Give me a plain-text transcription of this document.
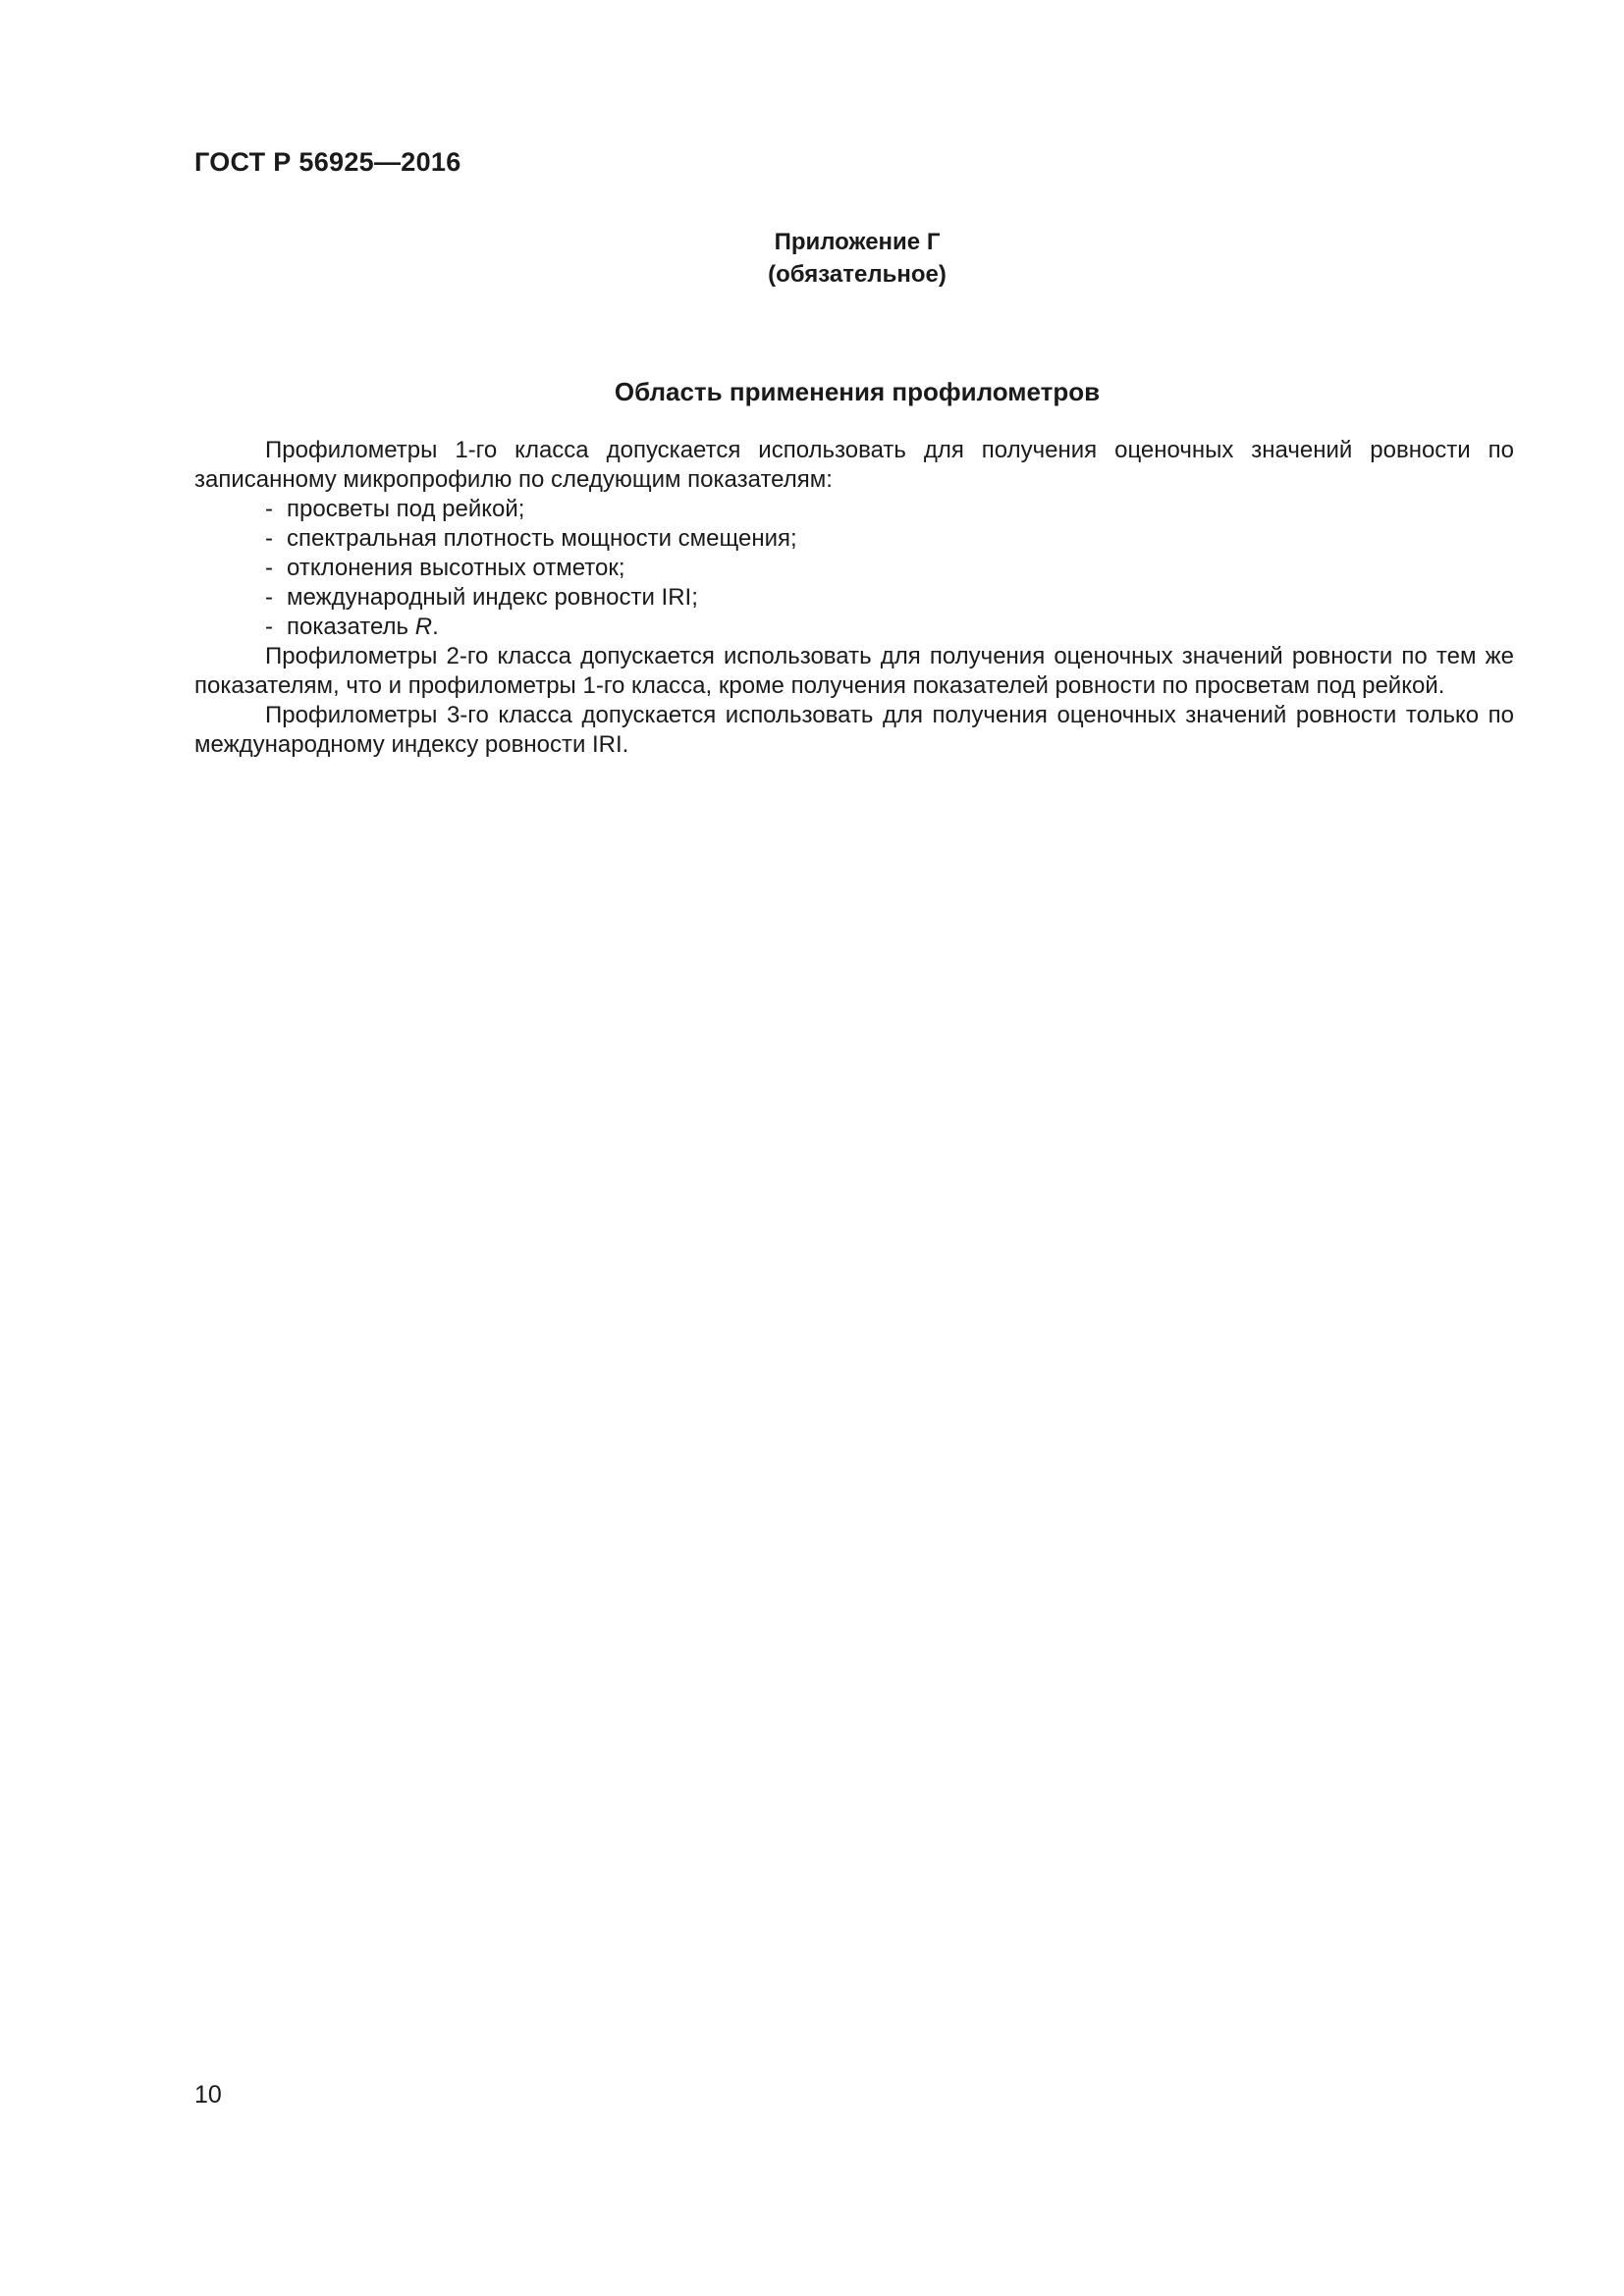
ГОСТ Р 56925—2016
Приложение Г
(обязательное)
Область применения профилометров

Профилометры 1-го класса допускается использовать для получения оценочных значений ровности по записанному микропрофилю по следующим показателям:

- просветы под рейкой;
- спектральная плотность мощности смещения;
- отклонения высотных отметок;
- международный индекс ровности IRI;
- показатель R.

Профилометры 2-го класса допускается использовать для получения оценочных значений ровности по тем же показателям, что и профилометры 1-го класса, кроме получения показателей ровности по просветам под рейкой.

Профилометры 3-го класса допускается использовать для получения оценочных значений ровности только по международному индексу ровности IRI.

10
